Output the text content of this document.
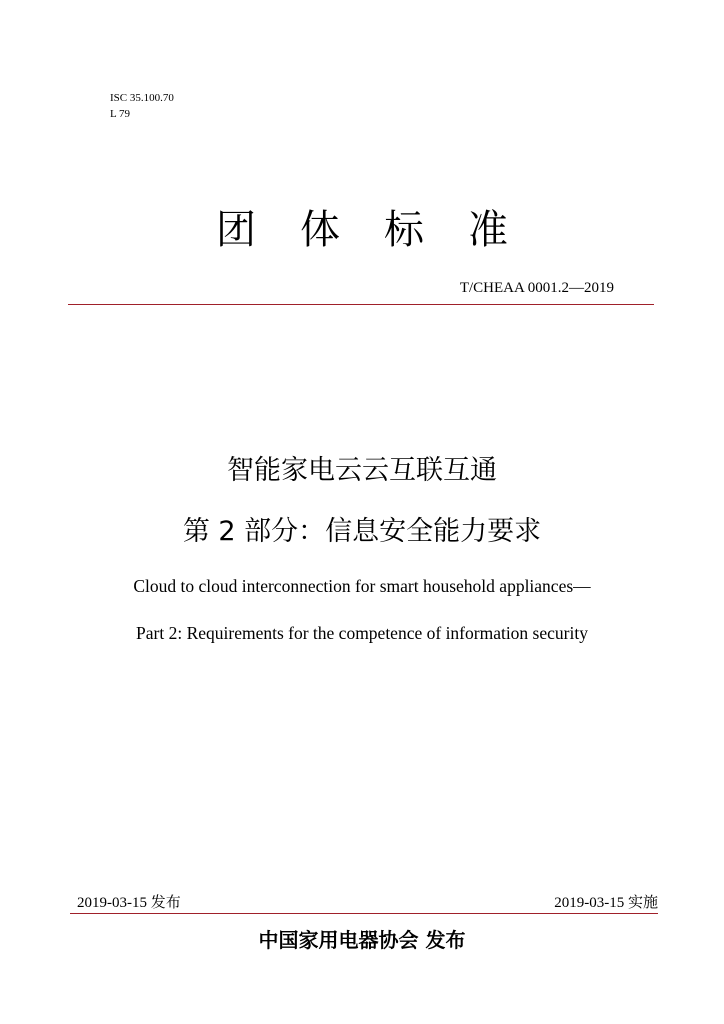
ISC 35.100.70
L 79
团体标准
T/CHEAA 0001.2—2019
智能家电云云互联互通
第 2 部分：信息安全能力要求
Cloud to cloud interconnection for smart household appliances—
Part 2: Requirements for the competence of information security
2019-03-15 发布	2019-03-15 实施
中国家用电器协会 发布
